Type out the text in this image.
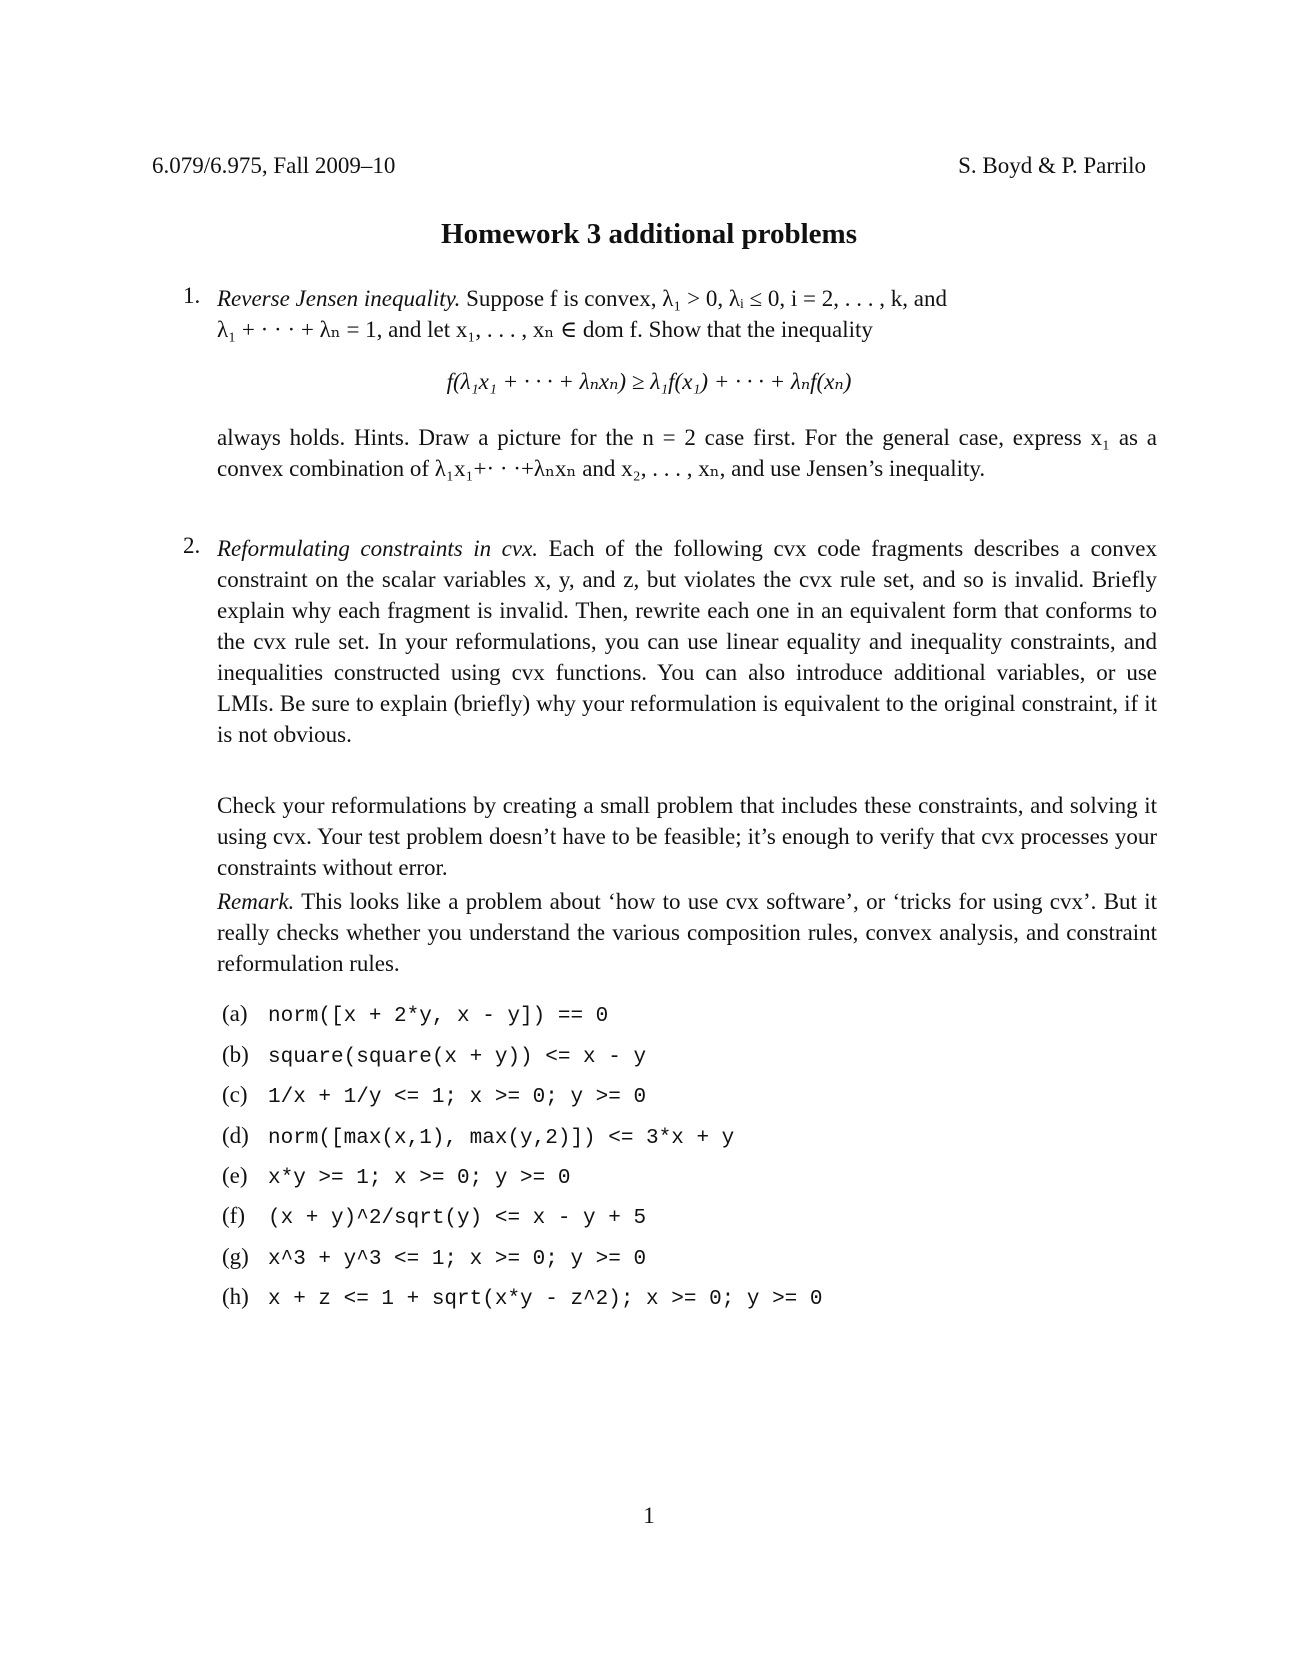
6.079/6.975, Fall 2009–10	S. Boyd & P. Parrilo
Homework 3 additional problems
1. Reverse Jensen inequality. Suppose f is convex, λ₁ > 0, λᵢ ≤ 0, i = 2, . . . , k, and
λ₁ + · · · + λₙ = 1, and let x₁, . . . , xₙ ∈ dom f. Show that the inequality
f(λ₁x₁ + · · · + λₙxₙ) ≥ λ₁f(x₁) + · · · + λₙf(xₙ)
always holds. Hints. Draw a picture for the n = 2 case first. For the general case, express x₁ as a convex combination of λ₁x₁+· · ·+λₙxₙ and x₂, . . . , xₙ, and use Jensen’s inequality.
2. Reformulating constraints in cvx. Each of the following cvx code fragments describes a convex constraint on the scalar variables x, y, and z, but violates the cvx rule set, and so is invalid. Briefly explain why each fragment is invalid. Then, rewrite each one in an equivalent form that conforms to the cvx rule set. In your reformulations, you can use linear equality and inequality constraints, and inequalities constructed using cvx functions. You can also introduce additional variables, or use LMIs. Be sure to explain (briefly) why your reformulation is equivalent to the original constraint, if it is not obvious.
Check your reformulations by creating a small problem that includes these constraints, and solving it using cvx. Your test problem doesn’t have to be feasible; it’s enough to verify that cvx processes your constraints without error.
Remark. This looks like a problem about ‘how to use cvx software’, or ‘tricks for using cvx’. But it really checks whether you understand the various composition rules, convex analysis, and constraint reformulation rules.
(a) norm([x + 2*y, x - y]) == 0
(b) square(square(x + y)) <= x - y
(c) 1/x + 1/y <= 1; x >= 0; y >= 0
(d) norm([max(x,1), max(y,2)]) <= 3*x + y
(e) x*y >= 1; x >= 0; y >= 0
(f) (x + y)^2/sqrt(y) <= x - y + 5
(g) x^3 + y^3 <= 1; x >= 0; y >= 0
(h) x + z <= 1 + sqrt(x*y - z^2); x >= 0; y >= 0
1
